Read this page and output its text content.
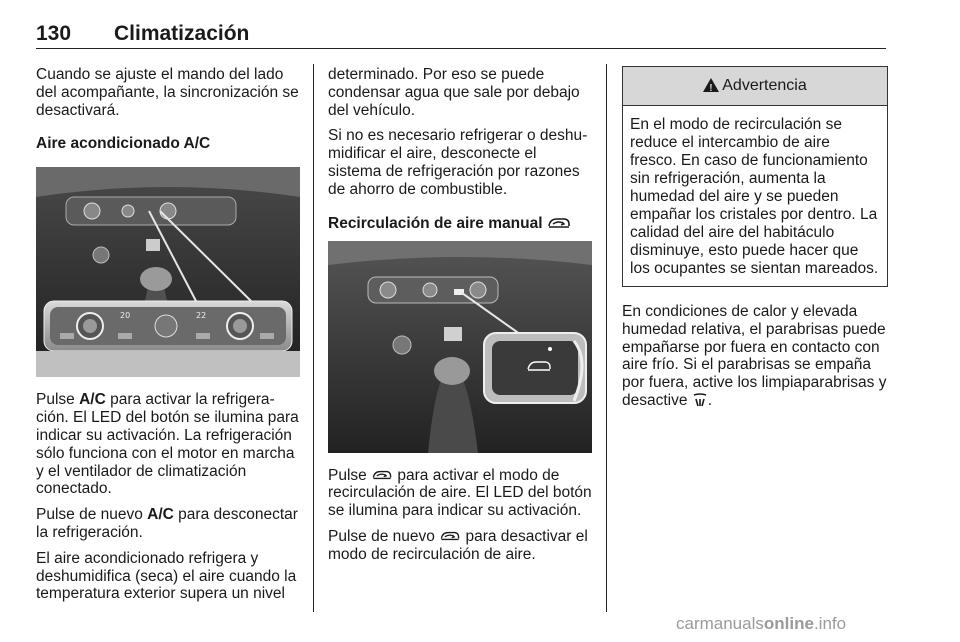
130 Climatización

Cuando se ajuste el mando del lado del acompañante, la sincronización se desactivará.

Aire acondicionado A/C
20	22

Pulse A/C para activar la refrigeración. El LED del botón se ilumina para indicar su activación. La refrigeración sólo funciona con el motor en marcha y el ventilador de climatización conectado.

Pulse de nuevo A/C para desconectar la refrigeración.

El aire acondicionado refrigera y deshumidifica (seca) el aire cuando la temperatura exterior supera un nivel

determinado. Por eso se puede condensar agua que sale por debajo del vehículo.

Si no es necesario refrigerar o deshumidificar el aire, desconecte el sistema de refrigeración por razones de ahorro de combustible.

Recirculación de aire manual

Pulse  para activar el modo de recirculación de aire. El LED del botón se ilumina para indicar su activación.

Pulse de nuevo  para desactivar el modo de recirculación de aire.

!
Advertencia
En el modo de recirculación se reduce el intercambio de aire fresco. En caso de funcionamiento sin refrigeración, aumenta la humedad del aire y se pueden empañar los cristales por dentro. La calidad del aire del habitáculo disminuye, esto puede hacer que los ocupantes se sientan mareados.

En condiciones de calor y elevada humedad relativa, el parabrisas puede empañarse por fuera en contacto con aire frío. Si el parabrisas se empaña por fuera, active los limpiaparabrisas y desactive .

carmanualsonline.info
